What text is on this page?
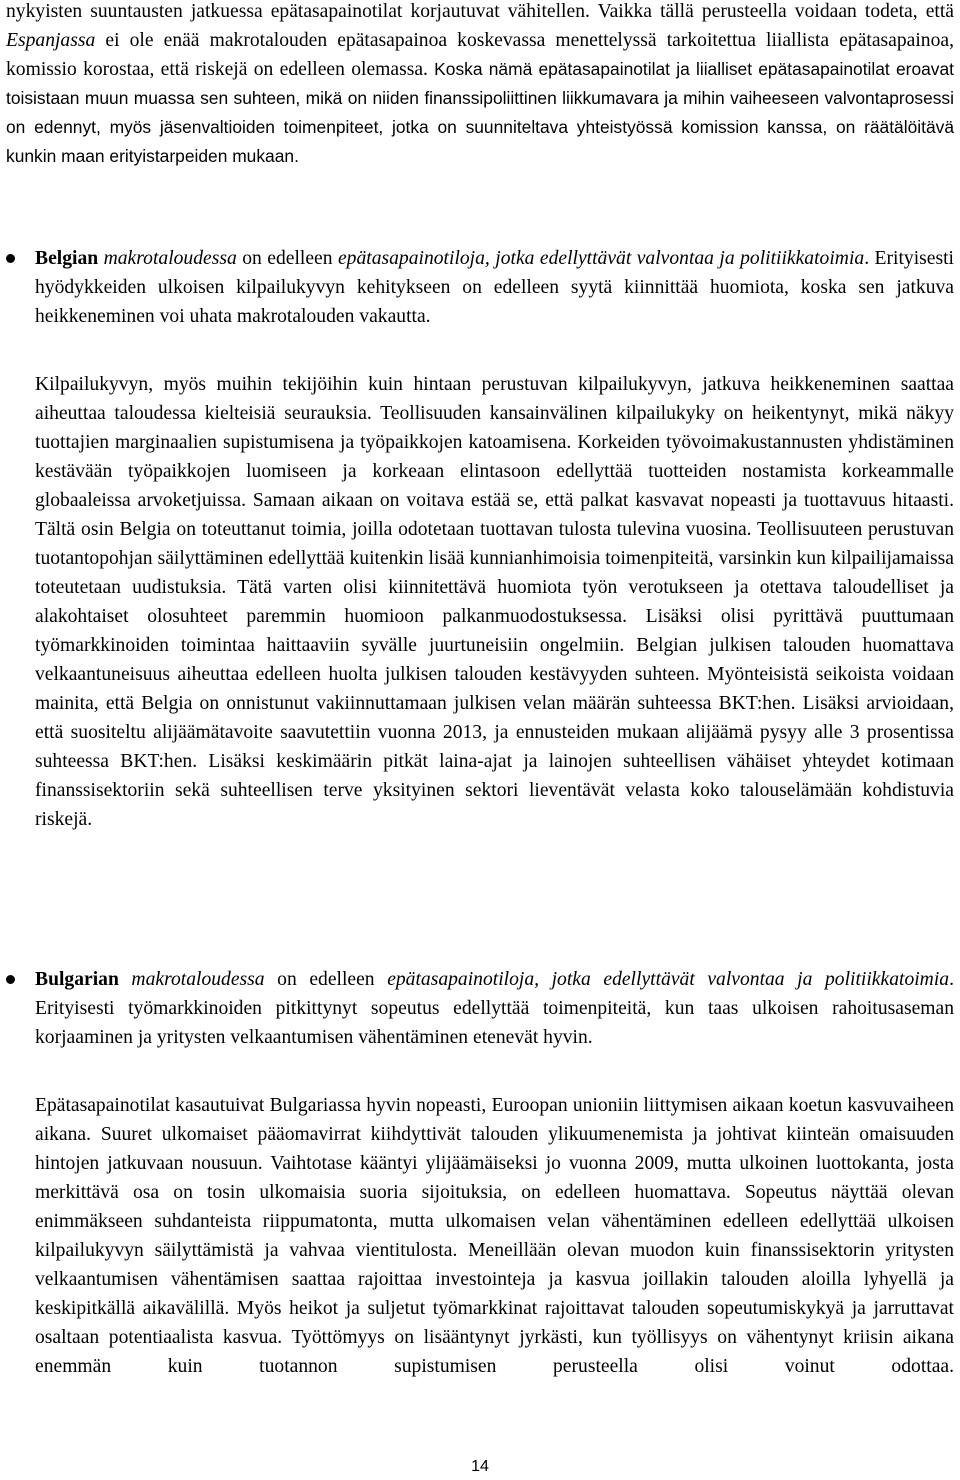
nykyisten suuntausten jatkuessa epätasapainotilat korjautuvat vähitellen. Vaikka tällä perusteella voidaan todeta, että Espanjassa ei ole enää makrotalouden epätasapainoa koskevassa menettelyssä tarkoitettua liiallista epätasapainoa, komissio korostaa, että riskejä on edelleen olemassa. Koska nämä epätasapainotilat ja liialliset epätasapainotilat eroavat toisistaan muun muassa sen suhteen, mikä on niiden finanssipoliittinen liikkumavara ja mihin vaiheeseen valvontaprosessi on edennyt, myös jäsenvaltioiden toimenpiteet, jotka on suunniteltava yhteistyössä komission kanssa, on räätälöitävä kunkin maan erityistarpeiden mukaan.

Belgian makrotaloudessa on edelleen epätasapainotiloja, jotka edellyttävät valvontaa ja politiikkatoimia. Erityisesti hyödykkeiden ulkoisen kilpailukyvyn kehitykseen on edelleen syytä kiinnittää huomiota, koska sen jatkuva heikkeneminen voi uhata makrotalouden vakautta.

Kilpailukyvyn, myös muihin tekijöihin kuin hintaan perustuvan kilpailukyvyn, jatkuva heikkeneminen saattaa aiheuttaa taloudessa kielteisiä seurauksia. Teollisuuden kansainvälinen kilpailukyky on heikentynyt, mikä näkyy tuottajien marginaalien supistumisena ja työpaikkojen katoamisena. Korkeiden työvoimakustannusten yhdistäminen kestävään työpaikkojen luomiseen ja korkeaan elintasoon edellyttää tuotteiden nostamista korkeammalle globaaleissa arvoketjuissa. Samaan aikaan on voitava estää se, että palkat kasvavat nopeasti ja tuottavuus hitaasti. Tältä osin Belgia on toteuttanut toimia, joilla odotetaan tuottavan tulosta tulevina vuosina. Teollisuuteen perustuvan tuotantopohjan säilyttäminen edellyttää kuitenkin lisää kunnianhimoisia toimenpiteitä, varsinkin kun kilpailijamaissa toteutetaan uudistuksia. Tätä varten olisi kiinnitettävä huomiota työn verotukseen ja otettava taloudelliset ja alakohtaiset olosuhteet paremmin huomioon palkanmuodostuksessa. Lisäksi olisi pyrittävä puuttumaan työmarkkinoiden toimintaa haittaaviin syvälle juurtuneisiin ongelmiin. Belgian julkisen talouden huomattava velkaantuneisuus aiheuttaa edelleen huolta julkisen talouden kestävyyden suhteen. Myönteisistä seikoista voidaan mainita, että Belgia on onnistunut vakiinnuttamaan julkisen velan määrän suhteessa BKT:hen. Lisäksi arvioidaan, että suositeltu alijäämätavoite saavutettiin vuonna 2013, ja ennusteiden mukaan alijäämä pysyy alle 3 prosentissa suhteessa BKT:hen. Lisäksi keskimäärin pitkät laina-ajat ja lainojen suhteellisen vähäiset yhteydet kotimaan finanssisektoriin sekä suhteellisen terve yksityinen sektori lieventävät velasta koko talouselämään kohdistuvia riskejä.

Bulgarian makrotaloudessa on edelleen epätasapainotiloja, jotka edellyttävät valvontaa ja politiikkatoimia. Erityisesti työmarkkinoiden pitkittynyt sopeutus edellyttää toimenpiteitä, kun taas ulkoisen rahoitusaseman korjaaminen ja yritysten velkaantumisen vähentäminen etenevät hyvin.

Epätasapainotilat kasautuivat Bulgariassa hyvin nopeasti, Euroopan unioniin liittymisen aikaan koetun kasvuvaiheen aikana. Suuret ulkomaiset pääomavirrat kiihdyttivät talouden ylikuumenemista ja johtivat kiinteän omaisuuden hintojen jatkuvaan nousuun. Vaihtotase kääntyi ylijäämäiseksi jo vuonna 2009, mutta ulkoinen luottokanta, josta merkittävä osa on tosin ulkomaisia suoria sijoituksia, on edelleen huomattava. Sopeutus näyttää olevan enimmäkseen suhdanteista riippumatonta, mutta ulkomaisen velan vähentäminen edelleen edellyttää ulkoisen kilpailukyvyn säilyttämistä ja vahvaa vientitulosta. Meneillään olevan muodon kuin finanssisektorin yritysten velkaantumisen vähentämisen saattaa rajoittaa investointeja ja kasvua joillakin talouden aloilla lyhyellä ja keskipitkällä aikavälillä. Myös heikot ja suljetut työmarkkinat rajoittavat talouden sopeutumiskykyä ja jarruttavat osaltaan potentiaalista kasvua. Työttömyys on lisääntynyt jyrkästi, kun työllisyys on vähentynyt kriisin aikana enemmän kuin tuotannon supistumisen perusteella olisi voinut odottaa.

14
